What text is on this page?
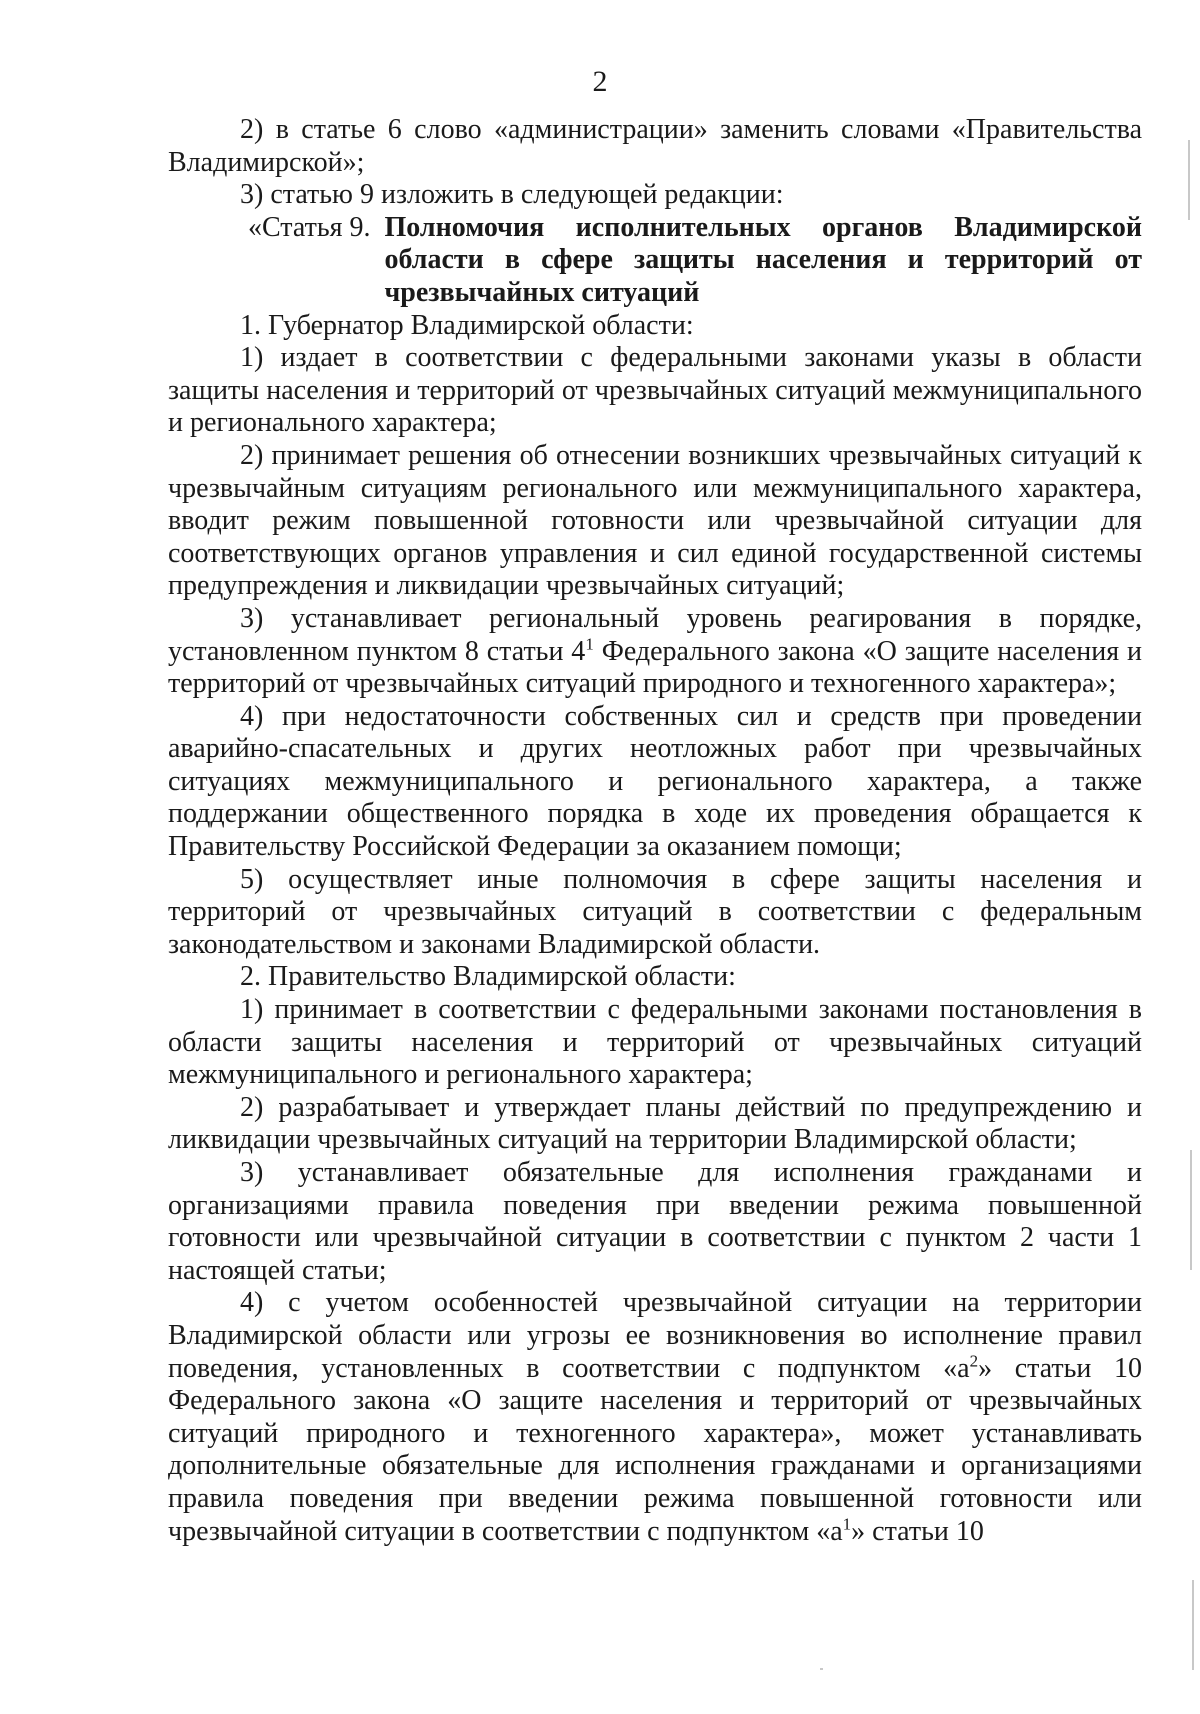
2

2) в статье 6 слово «администрации» заменить словами «Правительства Владимирской»;

3) статью 9 изложить в следующей редакции:

«Статья 9. Полномочия исполнительных органов Владимирской области в сфере защиты населения и территорий от чрезвычайных ситуаций

1. Губернатор Владимирской области:

1) издает в соответствии с федеральными законами указы в области защиты населения и территорий от чрезвычайных ситуаций межмуниципального и регионального характера;

2) принимает решения об отнесении возникших чрезвычайных ситуаций к чрезвычайным ситуациям регионального или межмуниципального характера, вводит режим повышенной готовности или чрезвычайной ситуации для соответствующих органов управления и сил единой государственной системы предупреждения и ликвидации чрезвычайных ситуаций;

3) устанавливает региональный уровень реагирования в порядке, установленном пунктом 8 статьи $4^1$ Федерального закона «О защите населения и территорий от чрезвычайных ситуаций природного и техногенного характера»;

4) при недостаточности собственных сил и средств при проведении аварийно-спасательных и других неотложных работ при чрезвычайных ситуациях межмуниципального и регионального характера, а также поддержании общественного порядка в ходе их проведения обращается к Правительству Российской Федерации за оказанием помощи;

5) осуществляет иные полномочия в сфере защиты населения и территорий от чрезвычайных ситуаций в соответствии с федеральным законодательством и законами Владимирской области.

2. Правительство Владимирской области:

1) принимает в соответствии с федеральными законами постановления в области защиты населения и территорий от чрезвычайных ситуаций межмуниципального и регионального характера;

2) разрабатывает и утверждает планы действий по предупреждению и ликвидации чрезвычайных ситуаций на территории Владимирской области;

3) устанавливает обязательные для исполнения гражданами и организациями правила поведения при введении режима повышенной готовности или чрезвычайной ситуации в соответствии с пунктом 2 части 1 настоящей статьи;

4) с учетом особенностей чрезвычайной ситуации на территории Владимирской области или угрозы ее возникновения во исполнение правил поведения, установленных в соответствии с подпунктом «$а^2$» статьи 10 Федерального закона «О защите населения и территорий от чрезвычайных ситуаций природного и техногенного характера», может устанавливать дополнительные обязательные для исполнения гражданами и организациями правила поведения при введении режима повышенной готовности или чрезвычайной ситуации в соответствии с подпунктом «$а^1$» статьи 10
